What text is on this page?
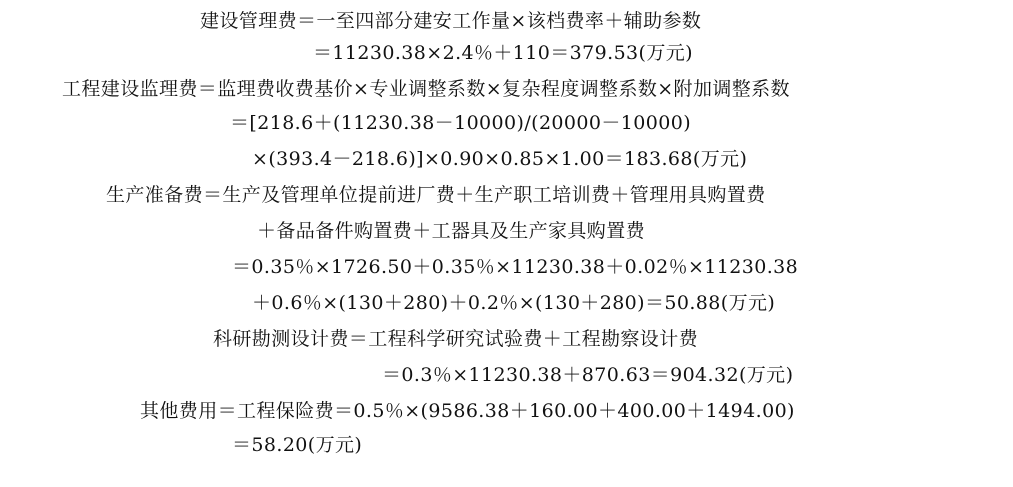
建设管理费＝一至四部分建安工作量×该档费率＋辅助参数
＝11230.38×2.4％＋110＝379.53(万元)
工程建设监理费＝监理费收费基价×专业调整系数×复杂程度调整系数×附加调整系数
＝[218.6＋(11230.38－10000)/(20000－10000)
×(393.4－218.6)]×0.90×0.85×1.00＝183.68(万元)
生产准备费＝生产及管理单位提前进厂费＋生产职工培训费＋管理用具购置费
＋备品备件购置费＋工器具及生产家具购置费
＝0.35％×1726.50＋0.35％×11230.38＋0.02％×11230.38
＋0.6％×(130＋280)＋0.2％×(130＋280)＝50.88(万元)
科研勘测设计费＝工程科学研究试验费＋工程勘察设计费
＝0.3％×11230.38＋870.63＝904.32(万元)
其他费用＝工程保险费＝0.5％×(9586.38＋160.00＋400.00＋1494.00)
＝58.20(万元)
